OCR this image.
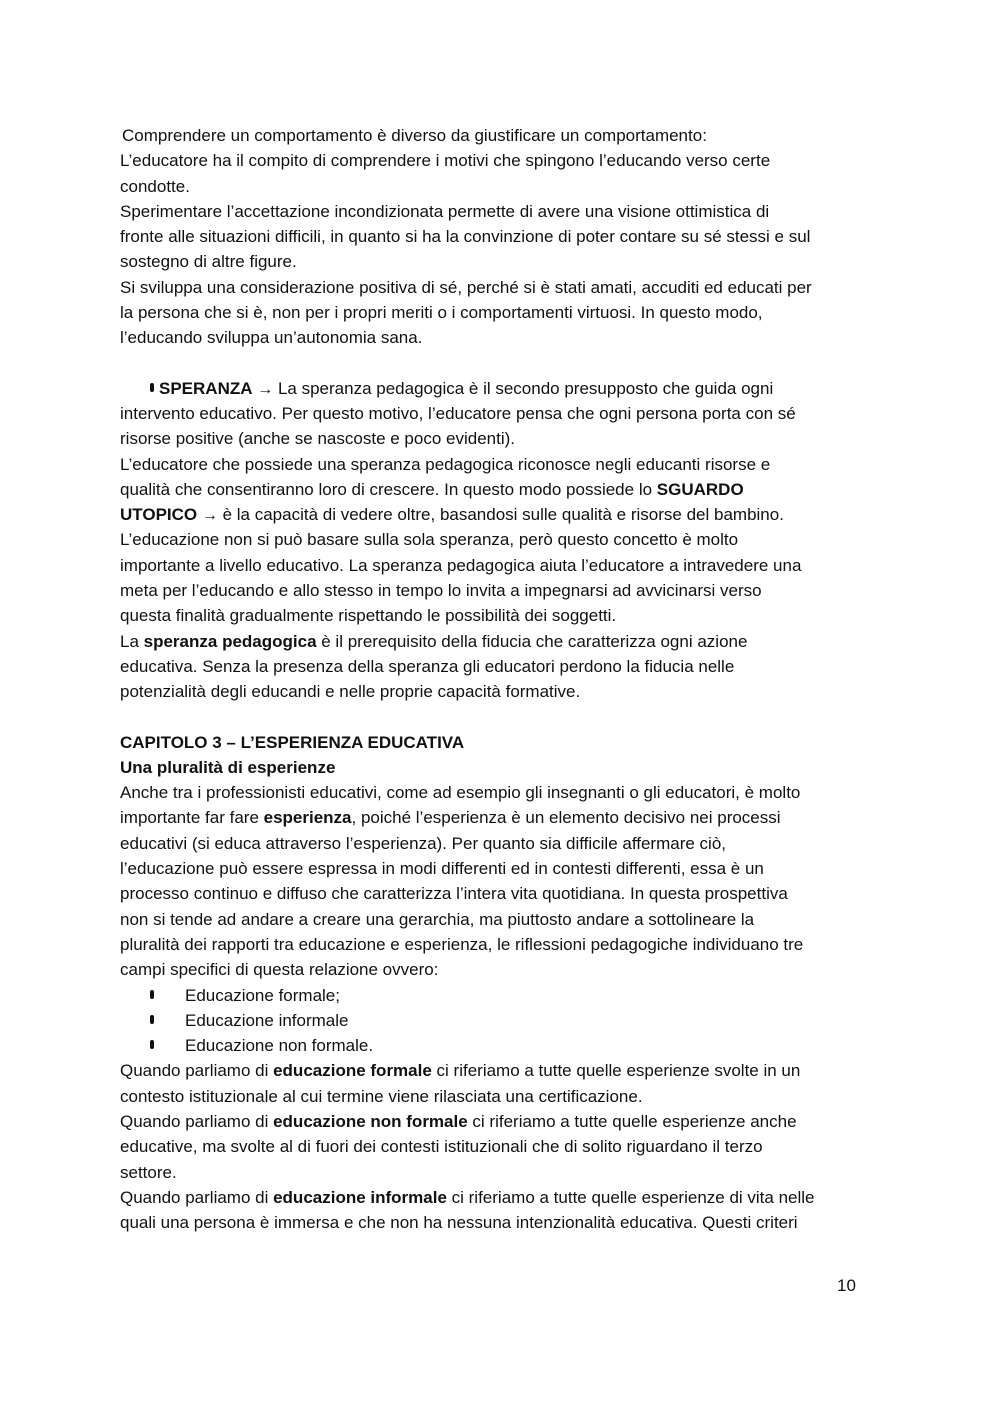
Comprendere un comportamento è diverso da giustificare un comportamento:
L’educatore ha il compito di comprendere i motivi che spingono l’educando verso certe
condotte.
Sperimentare l’accettazione incondizionata permette di avere una visione ottimistica di
fronte alle situazioni difficili, in quanto si ha la convinzione di poter contare su sé stessi e sul
sostegno di altre figure.
Si sviluppa una considerazione positiva di sé, perché si è stati amati, accuditi ed educati per
la persona che si è, non per i propri meriti o i comportamenti virtuosi. In questo modo,
l’educando sviluppa un’autonomia sana.
SPERANZA → La speranza pedagogica è il secondo presupposto che guida ogni
intervento educativo. Per questo motivo, l’educatore pensa che ogni persona porta con sé
risorse positive (anche se nascoste e poco evidenti).
L’educatore che possiede una speranza pedagogica riconosce negli educanti risorse e
qualità che consentiranno loro di crescere. In questo modo possiede lo SGUARDO
UTOPICO → è la capacità di vedere oltre, basandosi sulle qualità e risorse del bambino.
L’educazione non si può basare sulla sola speranza, però questo concetto è molto
importante a livello educativo. La speranza pedagogica aiuta l’educatore a intravedere una
meta per l’educando e allo stesso in tempo lo invita a impegnarsi ad avvicinarsi verso
questa finalità gradualmente rispettando le possibilità dei soggetti.
La speranza pedagogica è il prerequisito della fiducia che caratterizza ogni azione
educativa. Senza la presenza della speranza gli educatori perdono la fiducia nelle
potenzialità degli educandi e nelle proprie capacità formative.
CAPITOLO 3 – L’ESPERIENZA EDUCATIVA
Una pluralità di esperienze
Anche tra i professionisti educativi, come ad esempio gli insegnanti o gli educatori, è molto
importante far fare esperienza, poiché l’esperienza è un elemento decisivo nei processi
educativi (si educa attraverso l’esperienza). Per quanto sia difficile affermare ciò,
l’educazione può essere espressa in modi differenti ed in contesti differenti, essa è un
processo continuo e diffuso che caratterizza l’intera vita quotidiana. In questa prospettiva
non si tende ad andare a creare una gerarchia, ma piuttosto andare a sottolineare la
pluralità dei rapporti tra educazione e esperienza, le riflessioni pedagogiche individuano tre
campi specifici di questa relazione ovvero:
Educazione formale;
Educazione informale
Educazione non formale.
Quando parliamo di educazione formale ci riferiamo a tutte quelle esperienze svolte in un
contesto istituzionale al cui termine viene rilasciata una certificazione.
Quando parliamo di educazione non formale ci riferiamo a tutte quelle esperienze anche
educative, ma svolte al di fuori dei contesti istituzionali che di solito riguardano il terzo
settore.
Quando parliamo di educazione informale ci riferiamo a tutte quelle esperienze di vita nelle
quali una persona è immersa e che non ha nessuna intenzionalità educativa. Questi criteri
10
